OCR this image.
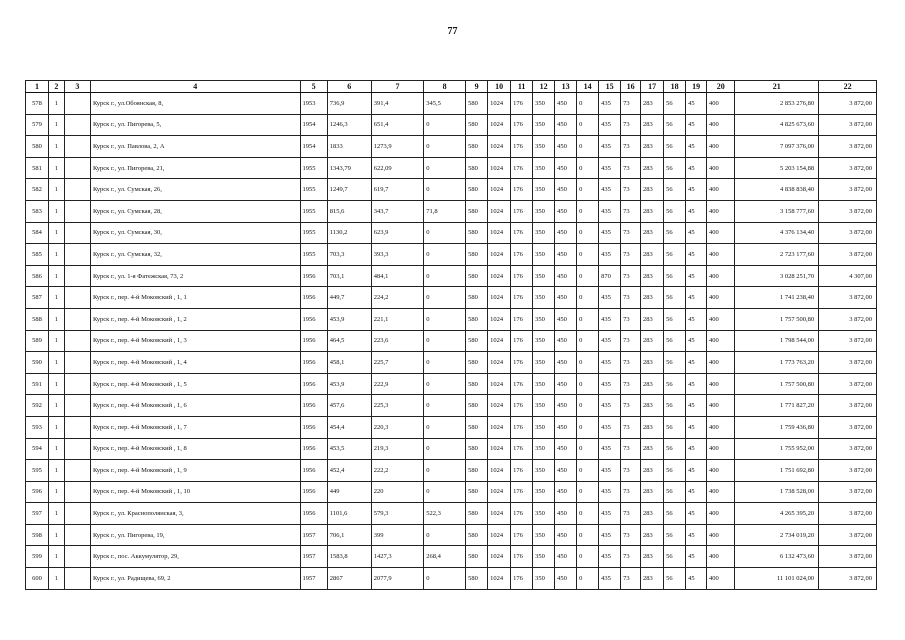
77
1	2	3	4	5	6	7	8	9	10	11	12	13	14	15	16	17	18	19	20	21	22
578	1		Курск г., ул.Обоянская, 8,	1953	736,9	391,4	345,5	580	1024	176	350	450	0	435	73	283	56	45	400	2 853 276,80	3 872,00
579	1		Курск г., ул. Пигорева, 5,	1954	1246,3	651,4	0	580	1024	176	350	450	0	435	73	283	56	45	400	4 825 673,60	3 872,00
580	1		Курск г., ул. Павлова, 2, А	1954	1833	1273,9	0	580	1024	176	350	450	0	435	73	283	56	45	400	7 097 376,00	3 872,00
581	1		Курск г., ул. Пигорева, 21,	1955	1343,79	622,09	0	580	1024	176	350	450	0	435	73	283	56	45	400	5 203 154,88	3 872,00
582	1		Курск г., ул. Сумская, 26,	1955	1249,7	619,7	0	580	1024	176	350	450	0	435	73	283	56	45	400	4 838 838,40	3 872,00
583	1		Курск г., ул. Сумская, 28,	1955	815,6	343,7	71,8	580	1024	176	350	450	0	435	73	283	56	45	400	3 158 777,60	3 872,00
584	1		Курск г., ул. Сумская, 30,	1955	1130,2	623,9	0	580	1024	176	350	450	0	435	73	283	56	45	400	4 376 134,40	3 872,00
585	1		Курск г., ул. Сумская, 32,	1955	703,3	393,3	0	580	1024	176	350	450	0	435	73	283	56	45	400	2 723 177,60	3 872,00
586	1		Курск г., ул. 1-я Фатежская, 73, 2	1956	703,1	484,1	0	580	1024	176	350	450	0	870	73	283	56	45	400	3 028 251,70	4 307,00
587	1		Курск г., пер. 4-й Моковский , 1, 1	1956	449,7	224,2	0	580	1024	176	350	450	0	435	73	283	56	45	400	1 741 238,40	3 872,00
588	1		Курск г., пер. 4-й Моковский , 1, 2	1956	453,9	221,1	0	580	1024	176	350	450	0	435	73	283	56	45	400	1 757 500,80	3 872,00
589	1		Курск г., пер. 4-й Моковский , 1, 3	1956	464,5	223,6	0	580	1024	176	350	450	0	435	73	283	56	45	400	1 798 544,00	3 872,00
590	1		Курск г., пер. 4-й Моковский , 1, 4	1956	458,1	225,7	0	580	1024	176	350	450	0	435	73	283	56	45	400	1 773 763,20	3 872,00
591	1		Курск г., пер. 4-й Моковский , 1, 5	1956	453,9	222,9	0	580	1024	176	350	450	0	435	73	283	56	45	400	1 757 500,80	3 872,00
592	1		Курск г., пер. 4-й Моковский , 1, 6	1956	457,6	225,3	0	580	1024	176	350	450	0	435	73	283	56	45	400	1 771 827,20	3 872,00
593	1		Курск г., пер. 4-й Моковский , 1, 7	1956	454,4	220,3	0	580	1024	176	350	450	0	435	73	283	56	45	400	1 759 436,80	3 872,00
594	1		Курск г., пер. 4-й Моковский , 1, 8	1956	453,5	219,3	0	580	1024	176	350	450	0	435	73	283	56	45	400	1 755 952,00	3 872,00
595	1		Курск г., пер. 4-й Моковский , 1, 9	1956	452,4	222,2	0	580	1024	176	350	450	0	435	73	283	56	45	400	1 751 692,80	3 872,00
596	1		Курск г., пер. 4-й Моковский , 1, 10	1956	449	220	0	580	1024	176	350	450	0	435	73	283	56	45	400	1 738 528,00	3 872,00
597	1		Курск г., ул. Краснополянская, 3,	1956	1101,6	579,3	522,3	580	1024	176	350	450	0	435	73	283	56	45	400	4 265 395,20	3 872,00
598	1		Курск г., ул. Пигорева, 19,	1957	706,1	399	0	580	1024	176	350	450	0	435	73	283	56	45	400	2 734 019,20	3 872,00
599	1		Курск г., пос. Аккумулятор, 29,	1957	1583,8	1427,3	268,4	580	1024	176	350	450	0	435	73	283	56	45	400	6 132 473,60	3 872,00
600	1		Курск г., ул. Радищева, 69, 2	1957	2867	2077,9	0	580	1024	176	350	450	0	435	73	283	56	45	400	11 101 024,00	3 872,00
